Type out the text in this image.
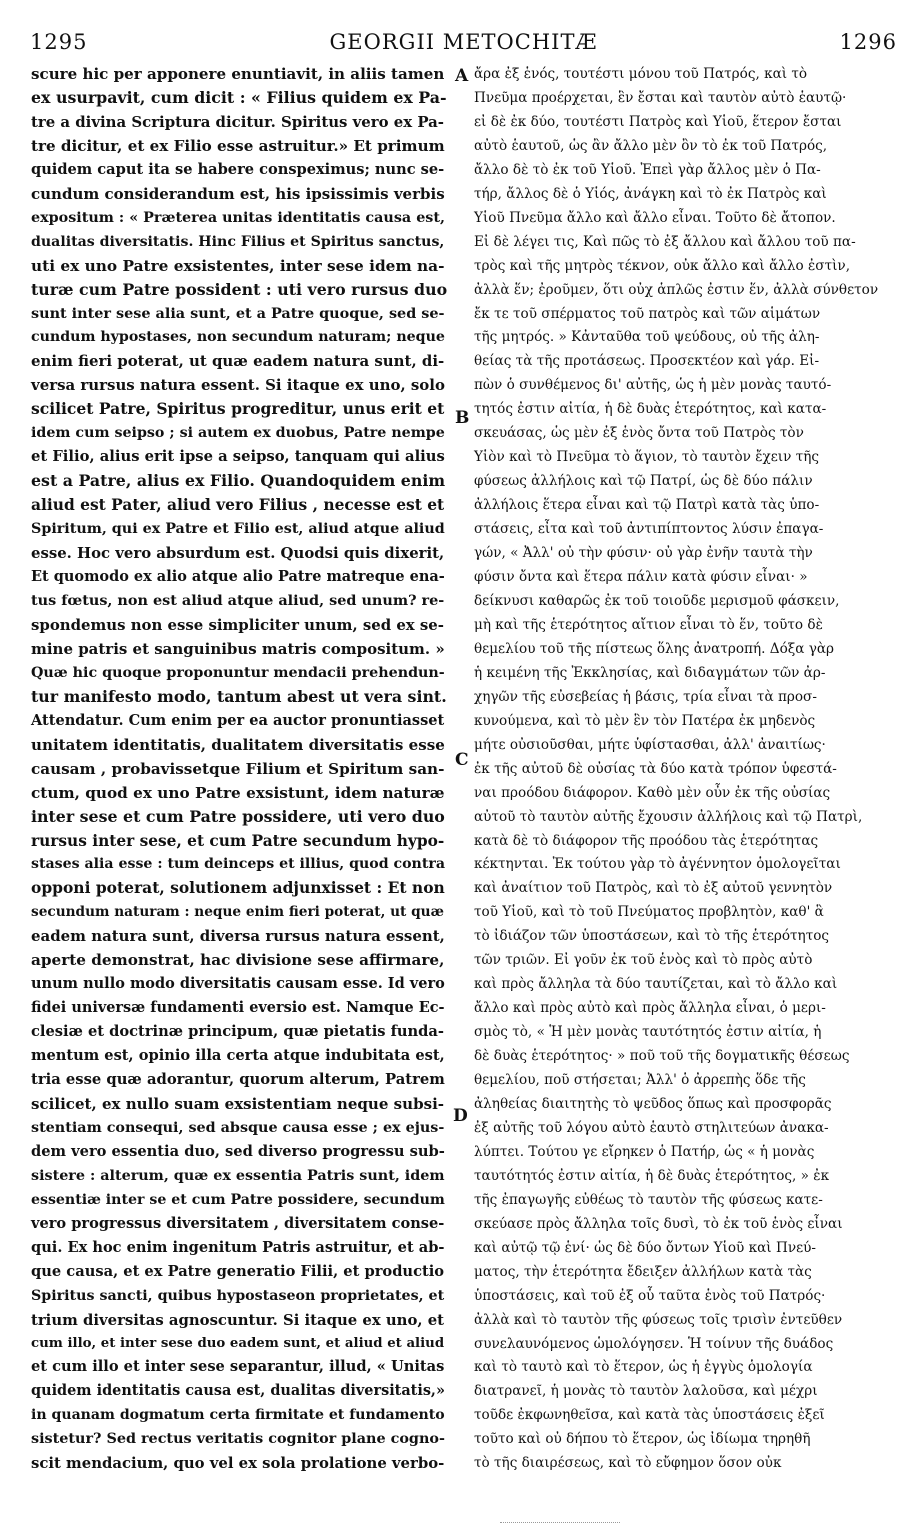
1295	GEORGII METOCHITÆ	1296
scure hic per apponere enuntiavit, in aliis tamen
ex usurpavit, cum dicit : « Filius quidem ex Pa-
tre a divina Scriptura dicitur. Spiritus vero ex Pa-
tre dicitur, et ex Filio esse astruitur.» Et primum
quidem caput ita se habere conspeximus; nunc se-
cundum considerandum est, his ipsissimis verbis
expositum : « Præterea unitas identitatis causa est,
dualitas diversitatis. Hinc Filius et Spiritus sanctus,
uti ex uno Patre exsistentes, inter sese idem na-
turæ cum Patre possident : uti vero rursus duo
sunt inter sese alia sunt, et a Patre quoque, sed se-
cundum hypostases, non secundum naturam; neque
enim fieri poterat, ut quæ eadem natura sunt, di-
versa rursus natura essent. Si itaque ex uno, solo
scilicet Patre, Spiritus progreditur, unus erit et
idem cum seipso ; si autem ex duobus, Patre nempe
et Filio, alius erit ipse a seipso, tanquam qui alius
est a Patre, alius ex Filio. Quandoquidem enim
aliud est Pater, aliud vero Filius , necesse est et
Spiritum, qui ex Patre et Filio est, aliud atque aliud
esse. Hoc vero absurdum est. Quodsi quis dixerit,
Et quomodo ex alio atque alio Patre matreque ena-
tus fœtus, non est aliud atque aliud, sed unum? re-
spondemus non esse simpliciter unum, sed ex se-
mine patris et sanguinibus matris compositum. »
Quæ hic quoque proponuntur mendacii prehendun-
tur manifesto modo, tantum abest ut vera sint.
Attendatur. Cum enim per ea auctor pronuntiasset
unitatem identitatis, dualitatem diversitatis esse
causam , probavissetque Filium et Spiritum san-
ctum, quod ex uno Patre exsistunt, idem naturæ
inter sese et cum Patre possidere, uti vero duo
rursus inter sese, et cum Patre secundum hypo-
stases alia esse : tum deinceps et illius, quod contra
opponi poterat, solutionem adjunxisset : Et non
secundum naturam : neque enim fieri poterat, ut quæ
eadem natura sunt, diversa rursus natura essent,
aperte demonstrat, hac divisione sese affirmare,
unum nullo modo diversitatis causam esse. Id vero
fidei universæ fundamenti eversio est. Namque Ec-
clesiæ et doctrinæ principum, quæ pietatis funda-
mentum est, opinio illa certa atque indubitata est,
tria esse quæ adorantur, quorum alterum, Patrem
scilicet, ex nullo suam exsistentiam neque subsi-
stentiam consequi, sed absque causa esse ; ex ejus-
dem vero essentia duo, sed diverso progressu sub-
sistere : alterum, quæ ex essentia Patris sunt, idem
essentiæ inter se et cum Patre possidere, secundum
vero progressus diversitatem , diversitatem conse-
qui. Ex hoc enim ingenitum Patris astruitur, et ab-
que causa, et ex Patre generatio Filii, et productio
Spiritus sancti, quibus hypostaseon proprietates, et
trium diversitas agnoscuntur. Si itaque ex uno, et
cum illo, et inter sese duo eadem sunt, et aliud et aliud
et cum illo et inter sese separantur, illud, « Unitas
quidem identitatis causa est, dualitas diversitatis,»
in quanam dogmatum certa firmitate et fundamento
sistetur? Sed rectus veritatis cognitor plane cogno-
scit mendacium, quo vel ex sola prolatione verbo-
ἄρα ἐξ ἑνός, τουτέστι μόνου τοῦ Πατρός, καὶ τὸ
Πνεῦμα προέρχεται, ἓν ἔσται καὶ ταυτὸν αὐτὸ ἑαυτῷ·
εἰ δὲ ἐκ δύο, τουτέστι Πατρὸς καὶ Υἱοῦ, ἕτερον ἔσται
αὐτὸ ἑαυτοῦ, ὡς ἂν ἄλλο μὲν ὂν τὸ ἐκ τοῦ Πατρός,
ἄλλο δὲ τὸ ἐκ τοῦ Υἱοῦ. Ἐπεὶ γὰρ ἄλλος μὲν ὁ Πα-
τήρ, ἄλλος δὲ ὁ Υἱός, ἀνάγκη καὶ τὸ ἐκ Πατρὸς καὶ
Υἱοῦ Πνεῦμα ἄλλο καὶ ἄλλο εἶναι. Τοῦτο δὲ ἄτοπον.
Εἰ δὲ λέγει τις, Καὶ πῶς τὸ ἐξ ἄλλου καὶ ἄλλου τοῦ πα-
τρὸς καὶ τῆς μητρὸς τέκνον, οὐκ ἄλλο καὶ ἄλλο ἐστὶν,
ἀλλὰ ἕν; ἐροῦμεν, ὅτι οὐχ ἁπλῶς ἐστιν ἕν, ἀλλὰ σύνθετον
ἔκ τε τοῦ σπέρματος τοῦ πατρὸς καὶ τῶν αἱμάτων
τῆς μητρός. » Κἀνταῦθα τοῦ ψεύδους, οὐ τῆς ἀλη-
θείας τὰ τῆς προτάσεως. Προσεκτέον καὶ γάρ. Εἰ-
πὼν ὁ συνθέμενος δι' αὐτῆς, ὡς ἡ μὲν μονὰς ταυτό-
τητός ἐστιν αἰτία, ἡ δὲ δυὰς ἑτερότητος, καὶ κατα-
σκευάσας, ὡς μὲν ἐξ ἑνὸς ὄντα τοῦ Πατρὸς τὸν
Υἱὸν καὶ τὸ Πνεῦμα τὸ ἅγιον, τὸ ταυτὸν ἔχειν τῆς
φύσεως ἀλλήλοις καὶ τῷ Πατρί, ὡς δὲ δύο πάλιν
ἀλλήλοις ἕτερα εἶναι καὶ τῷ Πατρὶ κατὰ τὰς ὑπο-
στάσεις, εἶτα καὶ τοῦ ἀντιπίπτοντος λύσιν ἐπαγα-
γών, « Ἀλλ' οὐ τὴν φύσιν· οὐ γὰρ ἐνῆν ταυτὰ τὴν
φύσιν ὄντα καὶ ἕτερα πάλιν κατὰ φύσιν εἶναι· »
δείκνυσι καθαρῶς ἐκ τοῦ τοιοῦδε μερισμοῦ φάσκειν,
μὴ καὶ τῆς ἑτερότητος αἴτιον εἶναι τὸ ἕν, τοῦτο δὲ
θεμελίου τοῦ τῆς πίστεως ὅλης ἀνατροπή. Δόξα γὰρ
ἡ κειμένη τῆς Ἐκκλησίας, καὶ διδαγμάτων τῶν ἀρ-
χηγῶν τῆς εὐσεβείας ἡ βάσις, τρία εἶναι τὰ προσ-
κυνούμενα, καὶ τὸ μὲν ἓν τὸν Πατέρα ἐκ μηδενὸς
μήτε οὐσιοῦσθαι, μήτε ὑφίστασθαι, ἀλλ' ἀναιτίως·
ἐκ τῆς αὐτοῦ δὲ οὐσίας τὰ δύο κατὰ τρόπον ὑφεστά-
ναι προόδου διάφορον. Καθὸ μὲν οὖν ἐκ τῆς οὐσίας
αὐτοῦ τὸ ταυτὸν αὐτῆς ἔχουσιν ἀλλήλοις καὶ τῷ Πατρὶ,
κατὰ δὲ τὸ διάφορον τῆς προόδου τὰς ἑτερότητας
κέκτηνται. Ἐκ τούτου γὰρ τὸ ἀγέννητον ὁμολογεῖται
καὶ ἀναίτιον τοῦ Πατρὸς, καὶ τὸ ἐξ αὐτοῦ γεννητὸν
τοῦ Υἱοῦ, καὶ τὸ τοῦ Πνεύματος προβλητὸν, καθ' ἃ
τὸ ἰδιάζον τῶν ὑποστάσεων, καὶ τὸ τῆς ἑτερότητος
τῶν τριῶν. Εἰ γοῦν ἐκ τοῦ ἑνὸς καὶ τὸ πρὸς αὐτὸ
καὶ πρὸς ἄλληλα τὰ δύο ταυτίζεται, καὶ τὸ ἄλλο καὶ
ἄλλο καὶ πρὸς αὐτὸ καὶ πρὸς ἄλληλα εἶναι, ὁ μερι-
σμὸς τὸ, « Ἡ μὲν μονὰς ταυτότητός ἐστιν αἰτία, ἡ
δὲ δυὰς ἑτερότητος· » ποῦ τοῦ τῆς δογματικῆς θέσεως
θεμελίου, ποῦ στήσεται; Ἀλλ' ὁ ἀρρεπὴς ὅδε τῆς
ἀληθείας διαιτητὴς τὸ ψεῦδος ὅπως καὶ προσφορᾶς
ἐξ αὐτῆς τοῦ λόγου αὐτὸ ἑαυτὸ στηλιτεύων ἀνακα-
λύπτει. Τούτου γε εἴρηκεν ὁ Πατήρ, ὡς « ἡ μονὰς
ταυτότητός ἐστιν αἰτία, ἡ δὲ δυὰς ἑτερότητος, » ἐκ
τῆς ἐπαγωγῆς εὐθέως τὸ ταυτὸν τῆς φύσεως κατε-
σκεύασε πρὸς ἄλληλα τοῖς δυσὶ, τὸ ἐκ τοῦ ἑνὸς εἶναι
καὶ αὐτῷ τῷ ἑνί· ὡς δὲ δύο ὄντων Υἱοῦ καὶ Πνεύ-
ματος, τὴν ἑτερότητα ἔδειξεν ἀλλήλων κατὰ τὰς
ὑποστάσεις, καὶ τοῦ ἐξ οὗ ταῦτα ἑνὸς τοῦ Πατρός·
ἀλλὰ καὶ τὸ ταυτὸν τῆς φύσεως τοῖς τρισὶν ἐντεῦθεν
συνελαυνόμενος ὡμολόγησεν. Ἡ τοίνυν τῆς δυάδος
καὶ τὸ ταυτὸ καὶ τὸ ἕτερον, ὡς ἡ ἐγγὺς ὁμολογία
διατρανεῖ, ἡ μονὰς τὸ ταυτὸν λαλοῦσα, καὶ μέχρι
τοῦδε ἐκφωνηθεῖσα, καὶ κατὰ τὰς ὑποστάσεις ἐξεῖ
τοῦτο καὶ οὐ δήπου τὸ ἕτερον, ὡς ἰδίωμα τηρηθῆ
τὸ τῆς διαιρέσεως, καὶ τὸ εὔφημον ὅσον οὐκ
A
B
C
D
